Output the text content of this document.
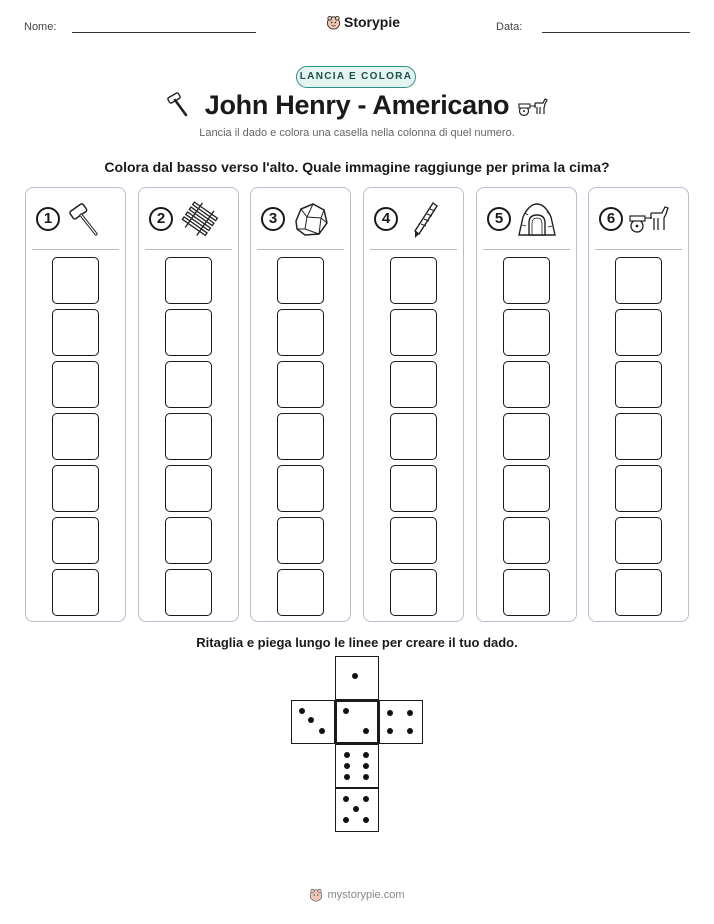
Nome:	Storypie	Data:
LANCIA E COLORA
John Henry - Americano
Lancia il dado e colora una casella nella colonna di quel numero.
Colora dal basso verso l'alto. Quale immagine raggiunge per prima la cima?
1	2	3	4	5	6
Ritaglia e piega lungo le linee per creare il tuo dado.
mystorypie.com
